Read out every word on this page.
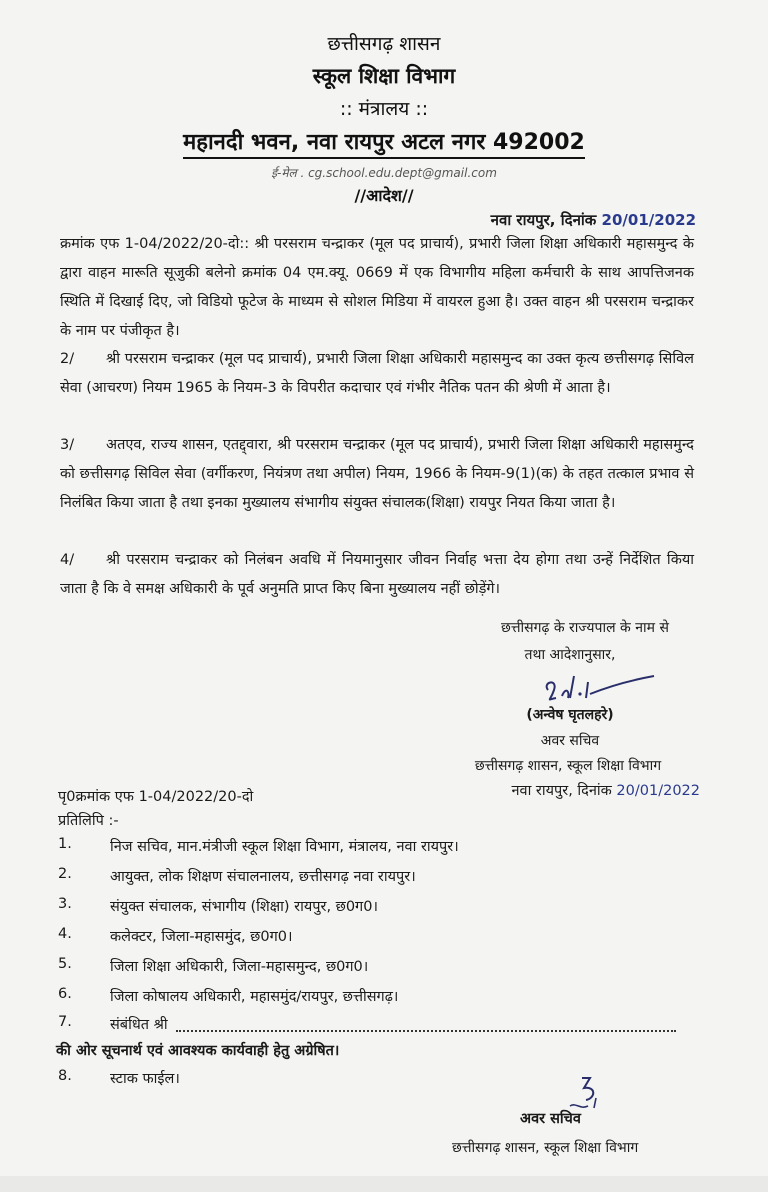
छत्तीसगढ़ शासन
स्कूल शिक्षा विभाग
:: मंत्रालय ::
महानदी भवन, नवा रायपुर अटल नगर 492002
ई-मेल . cg.school.edu.dept@gmail.com
//आदेश//
नवा रायपुर, दिनांक 20/01/2022
क्रमांक एफ 1-04/2022/20-दो:: श्री परसराम चन्द्राकर (मूल पद प्राचार्य), प्रभारी जिला शिक्षा अधिकारी महासमुन्द के द्वारा वाहन मारूति सूजुकी बलेनो क्रमांक 04 एम.क्यू. 0669 में एक विभागीय महिला कर्मचारी के साथ आपत्तिजनक स्थिति में दिखाई दिए, जो विडियो फूटेज के माध्यम से सोशल मिडिया में वायरल हुआ है। उक्त वाहन श्री परसराम चन्द्राकर के नाम पर पंजीकृत है।
2/ श्री परसराम चन्द्राकर (मूल पद प्राचार्य), प्रभारी जिला शिक्षा अधिकारी महासमुन्द का उक्त कृत्य छत्तीसगढ़ सिविल सेवा (आचरण) नियम 1965 के नियम-3 के विपरीत कदाचार एवं गंभीर नैतिक पतन की श्रेणी में आता है।
3/ अतएव, राज्य शासन, एतद्द्वारा, श्री परसराम चन्द्राकर (मूल पद प्राचार्य), प्रभारी जिला शिक्षा अधिकारी महासमुन्द को छत्तीसगढ़ सिविल सेवा (वर्गीकरण, नियंत्रण तथा अपील) नियम, 1966 के नियम-9(1)(क) के तहत तत्काल प्रभाव से निलंबित किया जाता है तथा इनका मुख्यालय संभागीय संयुक्त संचालक(शिक्षा) रायपुर नियत किया जाता है।
4/ श्री परसराम चन्द्राकर को निलंबन अवधि में नियमानुसार जीवन निर्वाह भत्ता देय होगा तथा उन्हें निर्देशित किया जाता है कि वे समक्ष अधिकारी के पूर्व अनुमति प्राप्त किए बिना मुख्यालय नहीं छोड़ेंगे।
छत्तीसगढ़ के राज्यपाल के नाम से
तथा आदेशानुसार,
(अन्वेष घृतलहरे)
अवर सचिव
छत्तीसगढ़ शासन, स्कूल शिक्षा विभाग
नवा रायपुर, दिनांक 20/01/2022
पृ0क्रमांक एफ 1-04/2022/20-दो
प्रतिलिपि :-
1.	निज सचिव, मान.मंत्रीजी स्कूल शिक्षा विभाग, मंत्रालय, नवा रायपुर।
2.	आयुक्त, लोक शिक्षण संचालनालय, छत्तीसगढ़ नवा रायपुर।
3.	संयुक्त संचालक, संभागीय (शिक्षा) रायपुर, छ0ग0।
4.	कलेक्टर, जिला-महासमुंद, छ0ग0।
5.	जिला शिक्षा अधिकारी, जिला-महासमुन्द, छ0ग0।
6.	जिला कोषालय अधिकारी, महासमुंद/रायपुर, छत्तीसगढ़।
7.	संबंधित श्री
की ओर सूचनार्थ एवं आवश्यक कार्यवाही हेतु अग्रेषित।
8.	स्टाक फाईल।
अवर सचिव
छत्तीसगढ़ शासन, स्कूल शिक्षा विभाग
